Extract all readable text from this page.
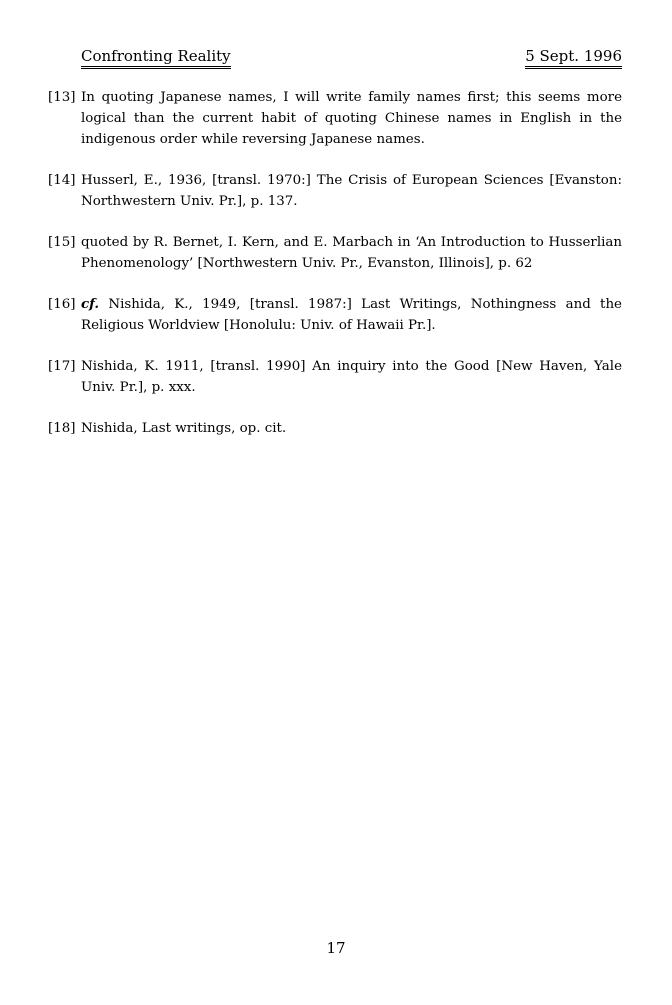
Confronting Reality	5 Sept. 1996
[13] In quoting Japanese names, I will write family names first; this seems more logical than the current habit of quoting Chinese names in English in the indigenous order while reversing Japanese names.
[14] Husserl, E., 1936, [transl. 1970:] The Crisis of European Sciences [Evanston: Northwestern Univ. Pr.], p. 137.
[15] quoted by R. Bernet, I. Kern, and E. Marbach in ‘An Introduction to Husserlian Phenomenology’ [Northwestern Univ. Pr., Evanston, Illinois], p. 62
[16] cf. Nishida, K., 1949, [transl. 1987:] Last Writings, Nothingness and the Religious Worldview [Honolulu: Univ. of Hawaii Pr.].
[17] Nishida, K. 1911, [transl. 1990] An inquiry into the Good [New Haven, Yale Univ. Pr.], p. xxx.
[18] Nishida, Last writings, op. cit.
17
